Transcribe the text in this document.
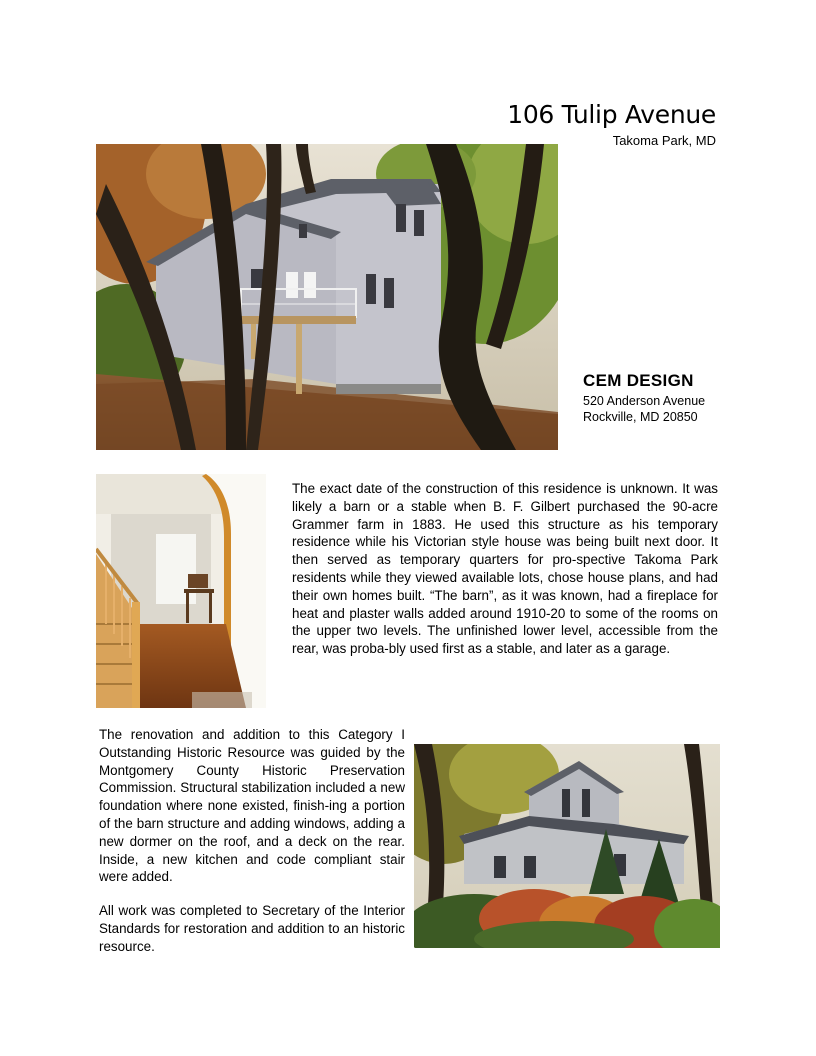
106 Tulip Avenue
Takoma Park, MD
CEM DESIGN
520 Anderson Avenue
Rockville, MD 20850
The exact date of the construction of this residence is unknown. It was likely a barn or a stable when B. F. Gilbert purchased the 90-acre Grammer farm in 1883. He used this structure as his temporary residence while his Victorian style house was being built next door. It then served as temporary quarters for pro-spective Takoma Park residents while they viewed available lots, chose house plans, and had their own homes built. “The barn”, as it was known, had a fireplace for heat and plaster walls added around 1910-20 to some of the rooms on the upper two levels. The unfinished lower level, accessible from the rear, was proba-bly used first as a stable, and later as a garage.
The renovation and addition to this Category I Outstanding Historic Resource was guided by the Montgomery County Historic Preservation Commission. Structural stabilization included a new foundation where none existed, finish-ing a portion of the barn structure and adding windows, adding a new dormer on the roof, and a deck on the rear. Inside, a new kitchen and code compliant stair were added.
All work was completed to Secretary of the Interior Standards for restoration and addition to an historic resource.
